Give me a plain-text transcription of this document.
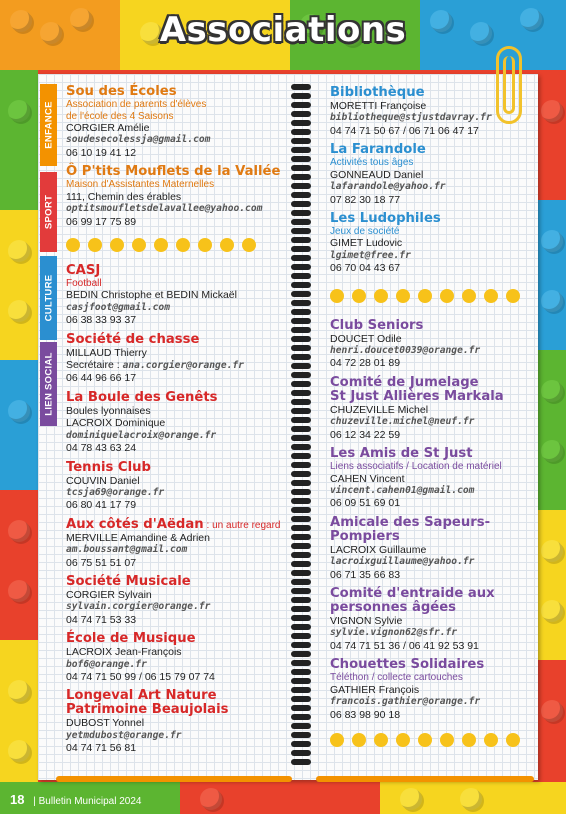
Associations
ENFANCE
SPORT
CULTURE
LIEN SOCIAL
Sou des Écoles
Association de parents d'élèves
de l'école des 4 Saisons
CORGIER Amélie
soudesecolessja@gmail.com
06 10 19 41 12
Ô P'tits Mouflets de la Vallée
Maison d'Assistantes Maternelles
111, Chemin des érables
optitsmoufletsdelavallee@yahoo.com
06 99 17 75 89
CASJ
Football
BEDIN Christophe et BEDIN Mickaël
casjfoot@gmail.com
06 38 33 93 37
Société de chasse
MILLAUD Thierry
Secrétaire : ana.corgier@orange.fr
06 44 96 66 17
La Boule des Genêts
Boules lyonnaises
LACROIX Dominique
dominiquelacroix@orange.fr
04 78 43 63 24
Tennis Club
COUVIN Daniel
tcsja69@orange.fr
06 80 41 17 79
Aux côtés d'Aëdan : un autre regard
MERVILLE Amandine & Adrien
am.boussant@gmail.com
06 75 51 51 07
Société Musicale
CORGIER Sylvain
sylvain.corgier@orange.fr
04 74 71 53 33
École de Musique
LACROIX Jean-François
bof6@orange.fr
04 74 71 50 99 / 06 15 79 07 74
Longeval Art Nature
Patrimoine Beaujolais
DUBOST Yonnel
yetmdubost@orange.fr
04 74 71 56 81
Bibliothèque
MORETTI Françoise
bibliotheque@stjustdavray.fr
04 74 71 50 67 / 06 71 06 47 17
La Farandole
Activités tous âges
GONNEAUD Daniel
lafarandole@yahoo.fr
07 82 30 18 77
Les Ludophiles
Jeux de société
GIMET Ludovic
lgimet@free.fr
06 70 04 43 67
Club Seniors
DOUCET Odile
henri.doucet0039@orange.fr
04 72 28 01 89
Comité de Jumelage
St Just Allières Markala
CHUZEVILLE Michel
chuzeville.michel@neuf.fr
06 12 34 22 59
Les Amis de St Just
Liens associatifs / Location de matériel
CAHEN Vincent
vincent.cahen01@gmail.com
06 09 51 69 01
Amicale des Sapeurs-Pompiers
LACROIX Guillaume
lacroixguillaume@yahoo.fr
06 71 35 66 83
Comité d'entraide aux
personnes âgées
VIGNON Sylvie
sylvie.vignon62@sfr.fr
04 74 71 51 36 / 06 41 92 53 91
Chouettes Solidaires
Téléthon / collecte cartouches
GATHIER François
francois.gathier@orange.fr
06 83 98 90 18
18 | Bulletin Municipal 2024
